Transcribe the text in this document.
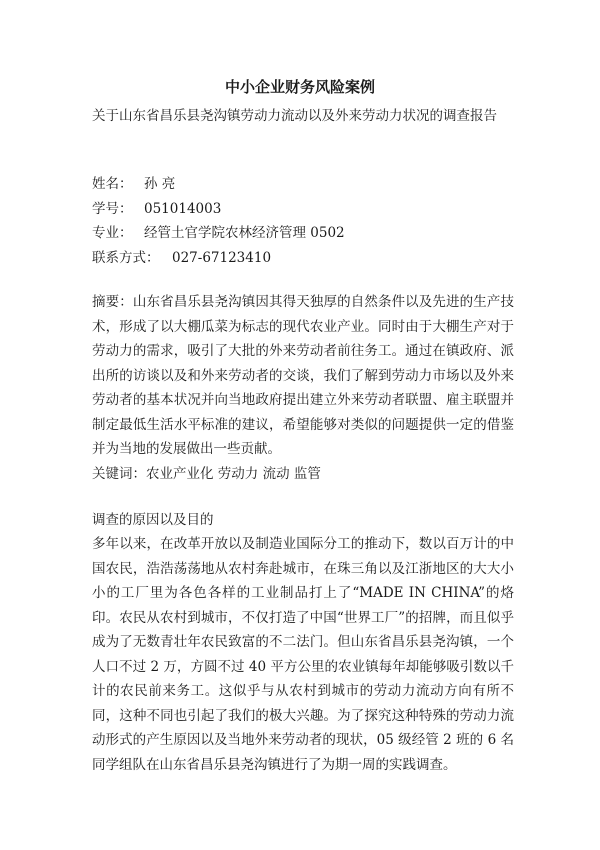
中小企业财务风险案例

关于山东省昌乐县尧沟镇劳动力流动以及外来劳动力状况的调查报告

姓名： 孙 亮
学号： 051014003
专业： 经管土官学院农林经济管理 0502
联系方式： 027-67123410

摘要：山东省昌乐县尧沟镇因其得天独厚的自然条件以及先进的生产技术，形成了以大棚瓜菜为标志的现代农业产业。同时由于大棚生产对于劳动力的需求，吸引了大批的外来劳动者前往务工。通过在镇政府、派出所的访谈以及和外来劳动者的交谈，我们了解到劳动力市场以及外来劳动者的基本状况并向当地政府提出建立外来劳动者联盟、雇主联盟并制定最低生活水平标准的建议，希望能够对类似的问题提供一定的借鉴并为当地的发展做出一些贡献。

关键词：农业产业化 劳动力 流动 监管

调查的原因以及目的

多年以来，在改革开放以及制造业国际分工的推动下，数以百万计的中国农民，浩浩荡荡地从农村奔赴城市，在珠三角以及江浙地区的大大小小的工厂里为各色各样的工业制品打上了“MADE IN CHINA”的烙印。农民从农村到城市，不仅打造了中国“世界工厂”的招牌，而且似乎成为了无数青壮年农民致富的不二法门。但山东省昌乐县尧沟镇，一个人口不过 2 万，方圆不过 40 平方公里的农业镇每年却能够吸引数以千计的农民前来务工。这似乎与从农村到城市的劳动力流动方向有所不同，这种不同也引起了我们的极大兴趣。为了探究这种特殊的劳动力流动形式的产生原因以及当地外来劳动者的现状，05 级经管 2 班的 6 名同学组队在山东省昌乐县尧沟镇进行了为期一周的实践调查。
